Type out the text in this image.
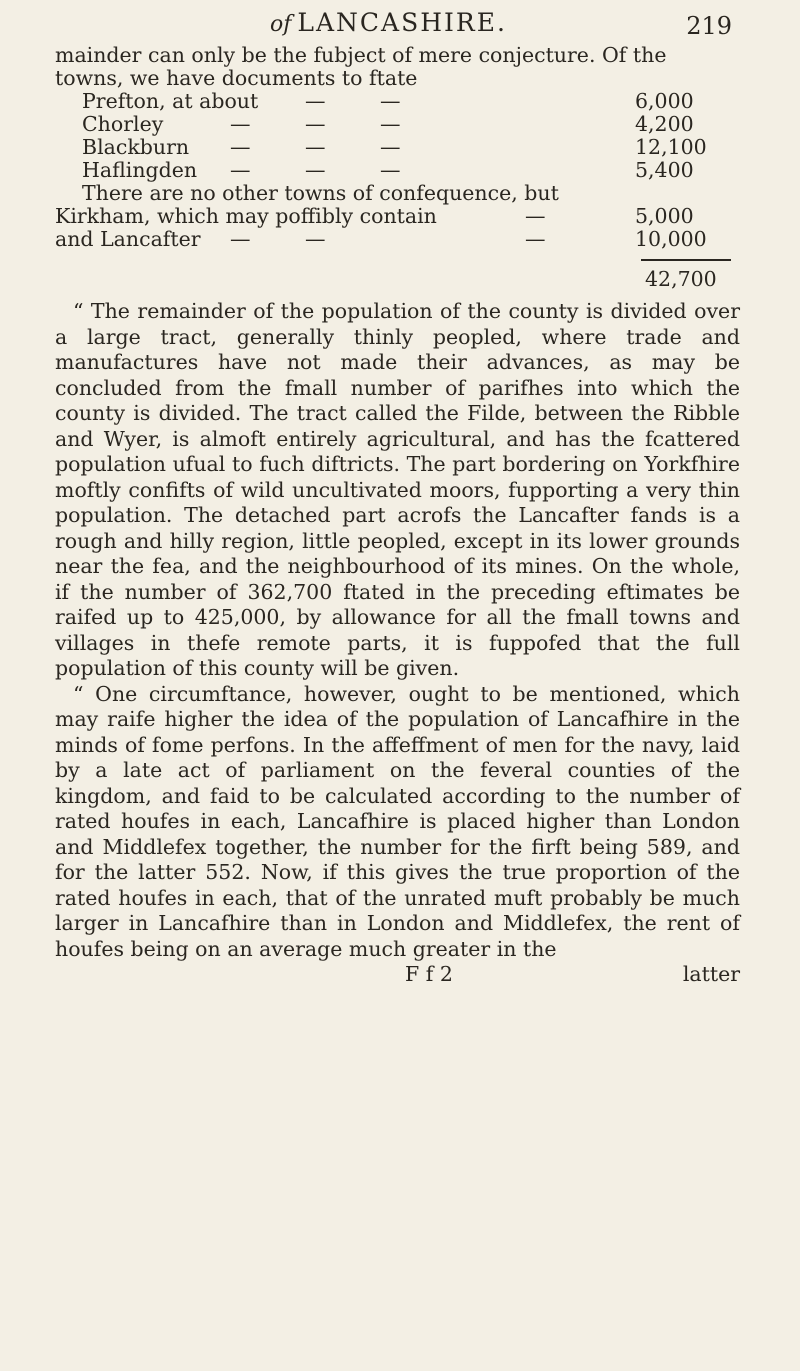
of LANCASHIRE.	219
mainder can only be the fubject of mere conjecture. Of the
towns, we have documents to ftate
Prefton, at about —	—	6,000
Chorley	—	—	—	4,200
Blackburn —	—	—	12,100
Haflingden —	—	—	5,400
There are no other towns of confequence, but
Kirkham, which may poffibly contain	—	5,000
and Lancafter —	—	—	10,000
42,700

“ The remainder of the population of the county is divided over a large tract, generally thinly peopled, where trade and manufactures have not made their advances, as may be concluded from the fmall number of parifhes into which the county is divided. The tract called the Filde, between the Ribble and Wyer, is almoft entirely agricultural, and has the fcattered population ufual to fuch diftricts. The part bordering on Yorkfhire moftly confifts of wild uncultivated moors, fupporting a very thin population. The detached part acrofs the Lancafter fands is a rough and hilly region, little peopled, except in its lower grounds near the fea, and the neighbourhood of its mines. On the whole, if the number of 362,700 ftated in the preceding eftimates be raifed up to 425,000, by allowance for all the fmall towns and villages in thefe remote parts, it is fuppofed that the full population of this county will be given.

“ One circumftance, however, ought to be mentioned, which may raife higher the idea of the population of Lancafhire in the minds of fome perfons. In the affeffment of men for the navy, laid by a late act of parliament on the feveral counties of the kingdom, and faid to be calculated according to the number of rated houfes in each, Lancafhire is placed higher than London and Middlefex together, the number for the firft being 589, and for the latter 552. Now, if this gives the true proportion of the rated houfes in each, that of the unrated muft probably be much larger in Lancafhire than in London and Middlefex, the rent of houfes being on an average much greater in the

F f 2	latter
